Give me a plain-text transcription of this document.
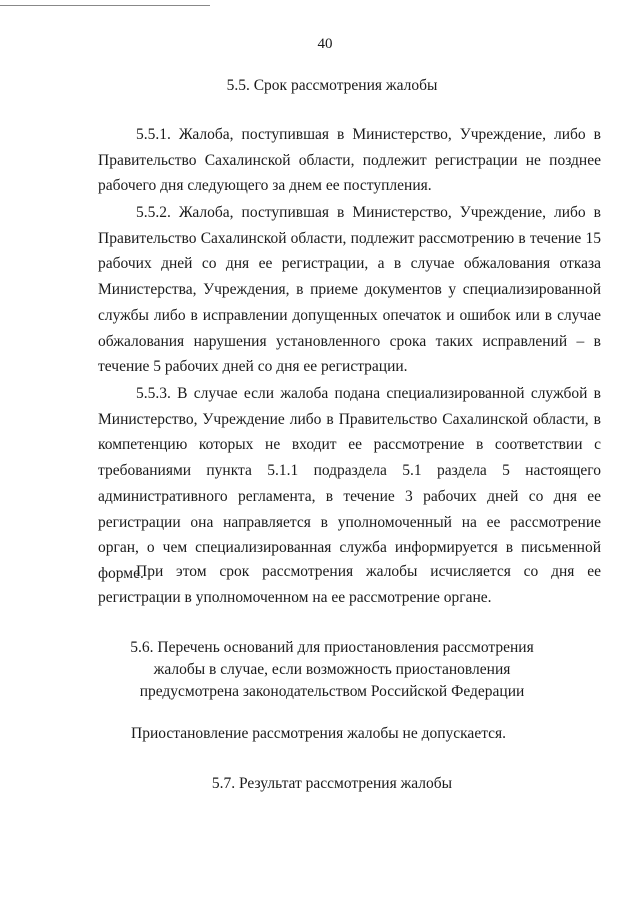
40
5.5. Срок рассмотрения жалобы

5.5.1. Жалоба, поступившая в Министерство, Учреждение, либо в Правительство Сахалинской области, подлежит регистрации не позднее рабочего дня следующего за днем ее поступления.

5.5.2. Жалоба, поступившая в Министерство, Учреждение, либо в Правительство Сахалинской области, подлежит рассмотрению в течение 15 рабочих дней со дня ее регистрации, а в случае обжалования отказа Министерства, Учреждения, в приеме документов у специализированной службы либо в исправлении допущенных опечаток и ошибок или в случае обжалования нарушения установленного срока таких исправлений – в течение 5 рабочих дней со дня ее регистрации.

5.5.3. В случае если жалоба подана специализированной службой в Министерство, Учреждение либо в Правительство Сахалинской области, в компетенцию которых не входит ее рассмотрение в соответствии с требованиями пункта 5.1.1 подраздела 5.1 раздела 5 настоящего административного регламента, в течение 3 рабочих дней со дня ее регистрации она направляется в уполномоченный на ее рассмотрение орган, о чем специализированная служба информируется в письменной форме.

При этом срок рассмотрения жалобы исчисляется со дня ее регистрации в уполномоченном на ее рассмотрение органе.

5.6. Перечень оснований для приостановления рассмотрения
жалобы в случае, если возможность приостановления
предусмотрена законодательством Российской Федерации

Приостановление рассмотрения жалобы не допускается.

5.7. Результат рассмотрения жалобы
